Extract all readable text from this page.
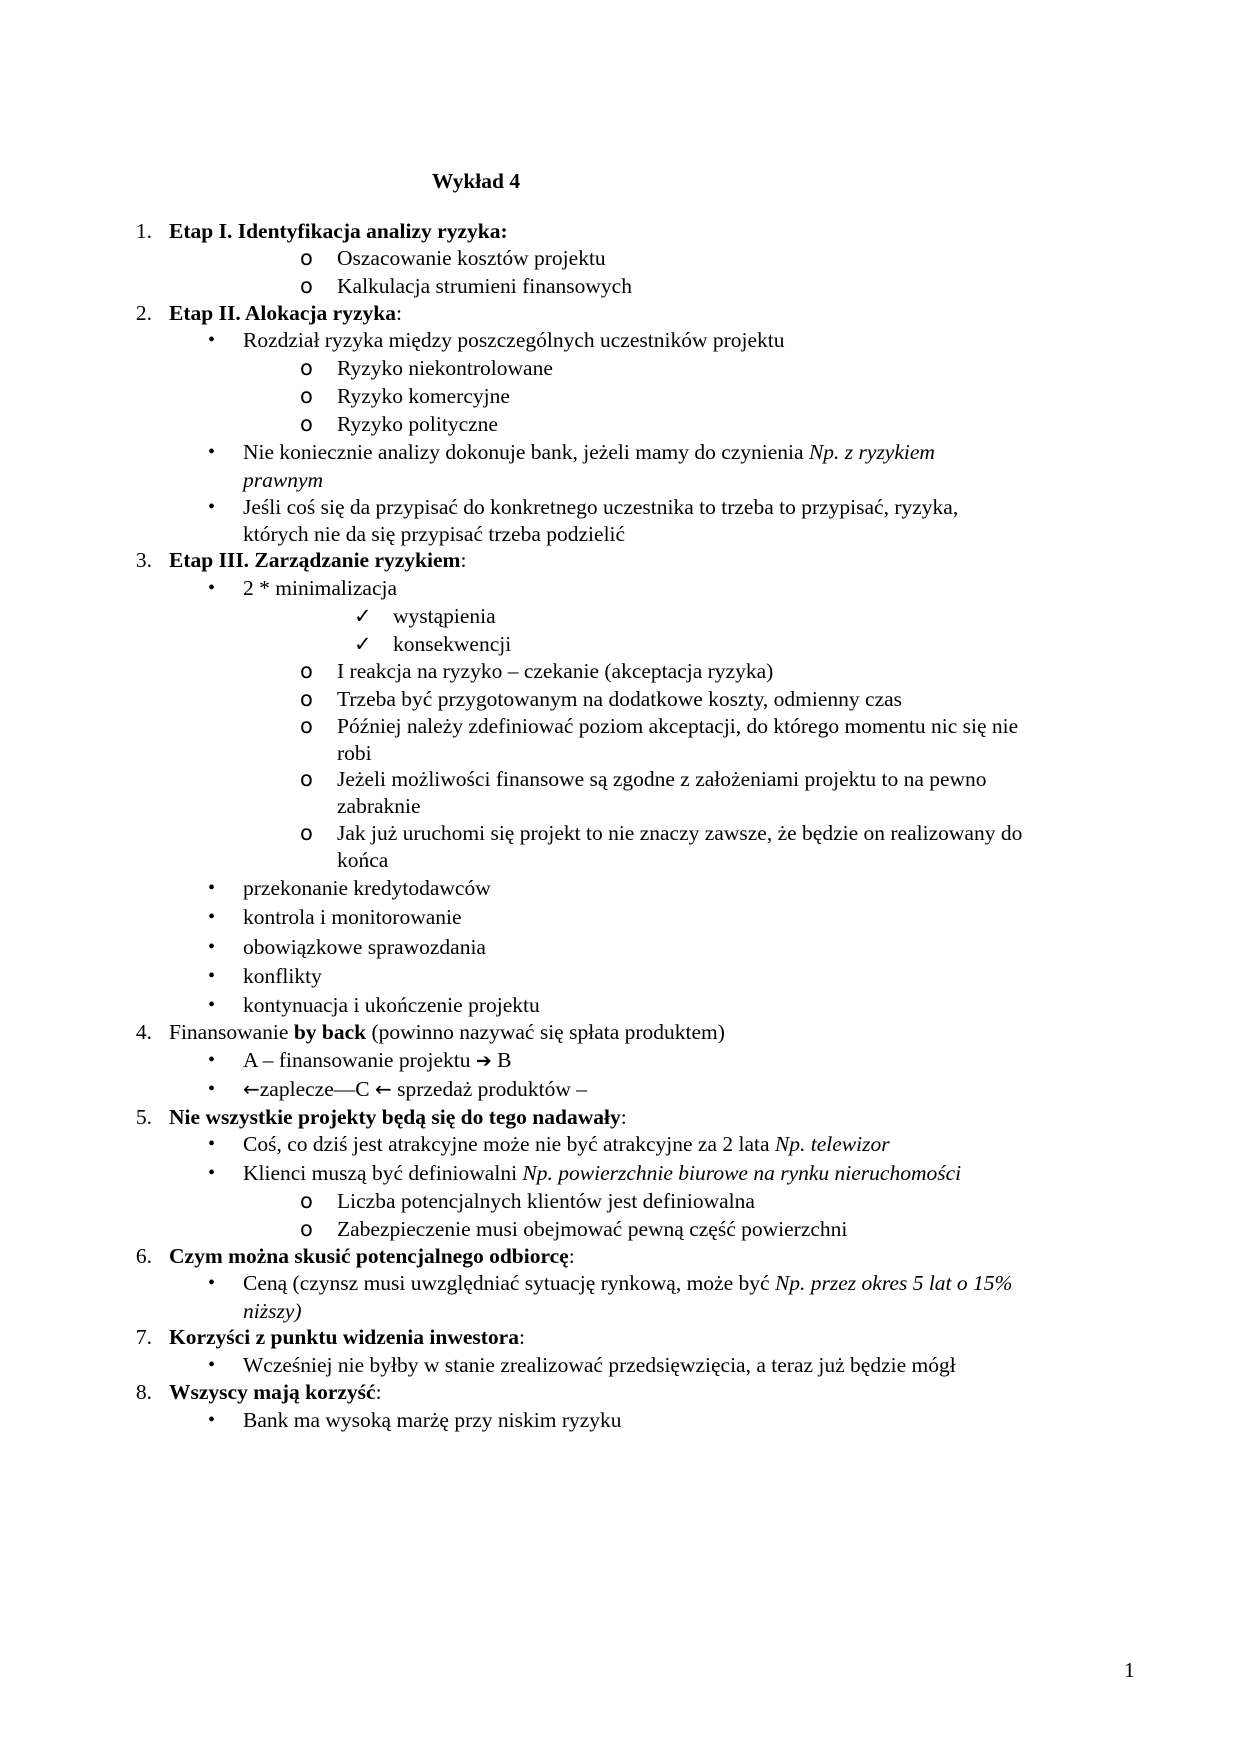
Wykład 4
1. Etap I. Identyfikacja analizy ryzyka:
o Oszacowanie kosztów projektu
o Kalkulacja strumieni finansowych
2. Etap II. Alokacja ryzyka:
• Rozdział ryzyka między poszczególnych uczestników projektu
o Ryzyko niekontrolowane
o Ryzyko komercyjne
o Ryzyko polityczne
• Nie koniecznie analizy dokonuje bank, jeżeli mamy do czynienia Np. z ryzykiem
prawnym
• Jeśli coś się da przypisać do konkretnego uczestnika to trzeba to przypisać, ryzyka,
których nie da się przypisać trzeba podzielić
3. Etap III. Zarządzanie ryzykiem:
• 2 * minimalizacja
✓ wystąpienia
✓ konsekwencji
o I reakcja na ryzyko – czekanie (akceptacja ryzyka)
o Trzeba być przygotowanym na dodatkowe koszty, odmienny czas
o Później należy zdefiniować poziom akceptacji, do którego momentu nic się nie
robi
o Jeżeli możliwości finansowe są zgodne z założeniami projektu to na pewno
zabraknie
o Jak już uruchomi się projekt to nie znaczy zawsze, że będzie on realizowany do
końca
• przekonanie kredytodawców
• kontrola i monitorowanie
• obowiązkowe sprawozdania
• konflikty
• kontynuacja i ukończenie projektu
4. Finansowanie by back (powinno nazywać się spłata produktem)
• A – finansowanie projektu ➔ B
• ←zaplecze—C ← sprzedaż produktów –
5. Nie wszystkie projekty będą się do tego nadawały:
• Coś, co dziś jest atrakcyjne może nie być atrakcyjne za 2 lata Np. telewizor
• Klienci muszą być definiowalni Np. powierzchnie biurowe na rynku nieruchomości
o Liczba potencjalnych klientów jest definiowalna
o Zabezpieczenie musi obejmować pewną część powierzchni
6. Czym można skusić potencjalnego odbiorcę:
• Ceną (czynsz musi uwzględniać sytuację rynkową, może być Np. przez okres 5 lat o 15%
niższy)
7. Korzyści z punktu widzenia inwestora:
• Wcześniej nie byłby w stanie zrealizować przedsięwzięcia, a teraz już będzie mógł
8. Wszyscy mają korzyść:
• Bank ma wysoką marżę przy niskim ryzyku
1
